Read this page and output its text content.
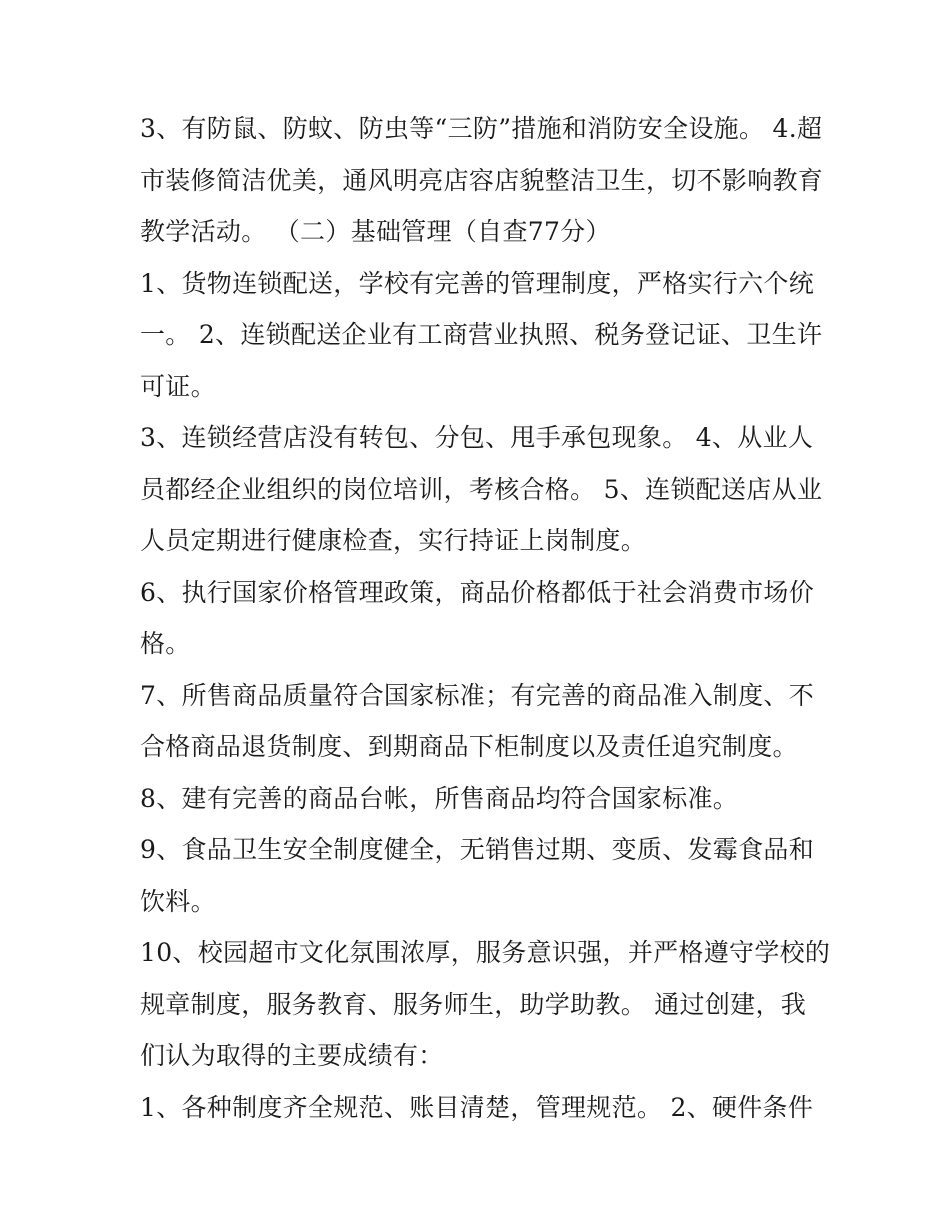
3、有防鼠、防蚊、防虫等“三防”措施和消防安全设施。 4.超
市装修简洁优美，通风明亮店容店貌整洁卫生，切不影响教育
教学活动。 （二）基础管理（自查77分）
1、货物连锁配送，学校有完善的管理制度，严格实行六个统
一。 2、连锁配送企业有工商营业执照、税务登记证、卫生许
可证。
3、连锁经营店没有转包、分包、甩手承包现象。 4、从业人
员都经企业组织的岗位培训，考核合格。 5、连锁配送店从业
人员定期进行健康检查，实行持证上岗制度。
6、执行国家价格管理政策，商品价格都低于社会消费市场价
格。
7、所售商品质量符合国家标准；有完善的商品准入制度、不
合格商品退货制度、到期商品下柜制度以及责任追究制度。
8、建有完善的商品台帐，所售商品均符合国家标准。
9、食品卫生安全制度健全，无销售过期、变质、发霉食品和
饮料。
10、校园超市文化氛围浓厚，服务意识强，并严格遵守学校的
规章制度，服务教育、服务师生，助学助教。 通过创建，我
们认为取得的主要成绩有：
1、各种制度齐全规范、账目清楚，管理规范。 2、硬件条件
